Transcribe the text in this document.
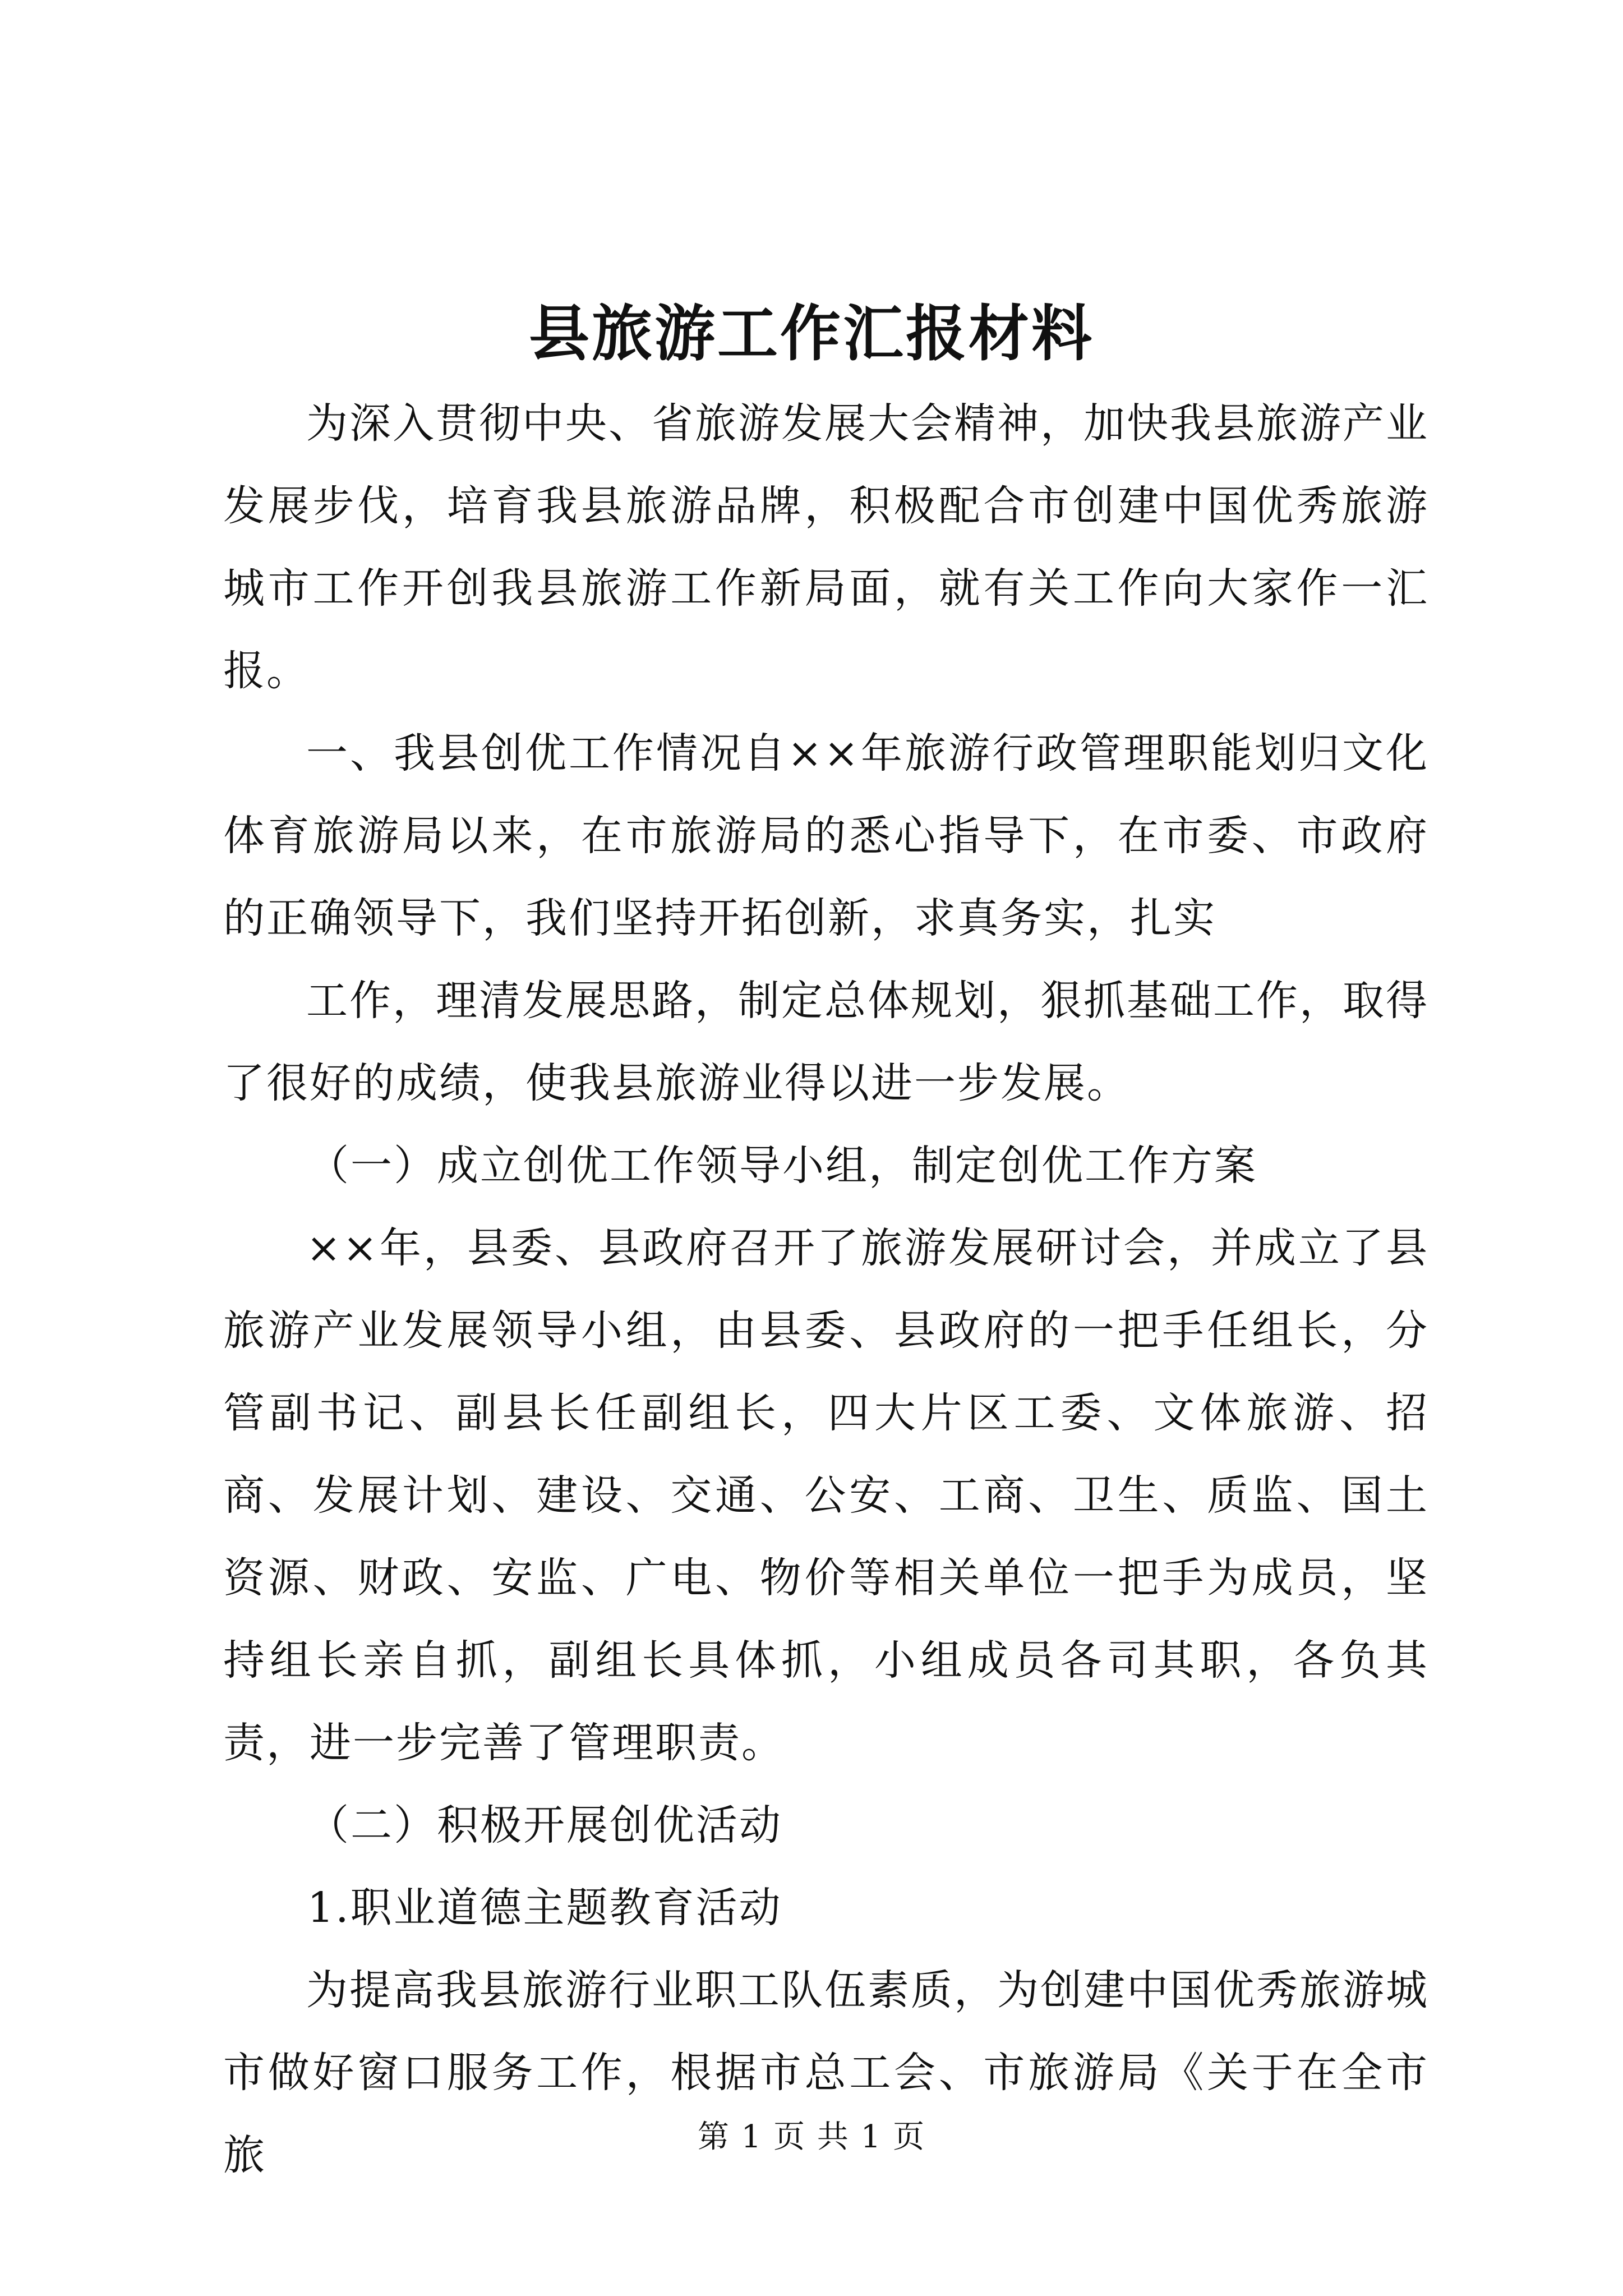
县旅游工作汇报材料

为深入贯彻中央、省旅游发展大会精神，加快我县旅游产业发展步伐，培育我县旅游品牌，积极配合市创建中国优秀旅游城市工作开创我县旅游工作新局面，就有关工作向大家作一汇报。

一、我县创优工作情况自××年旅游行政管理职能划归文化体育旅游局以来，在市旅游局的悉心指导下，在市委、市政府的正确领导下，我们坚持开拓创新，求真务实，扎实

工作，理清发展思路，制定总体规划，狠抓基础工作，取得了很好的成绩，使我县旅游业得以进一步发展。

（一）成立创优工作领导小组，制定创优工作方案

××年，县委、县政府召开了旅游发展研讨会，并成立了县旅游产业发展领导小组，由县委、县政府的一把手任组长，分管副书记、副县长任副组长，四大片区工委、文体旅游、招商、发展计划、建设、交通、公安、工商、卫生、质监、国土资源、财政、安监、广电、物价等相关单位一把手为成员，坚持组长亲自抓，副组长具体抓，小组成员各司其职，各负其责，进一步完善了管理职责。

（二）积极开展创优活动

1.职业道德主题教育活动

为提高我县旅游行业职工队伍素质，为创建中国优秀旅游城市做好窗口服务工作，根据市总工会、市旅游局《关于在全市旅	第 1 页 共 1 页
